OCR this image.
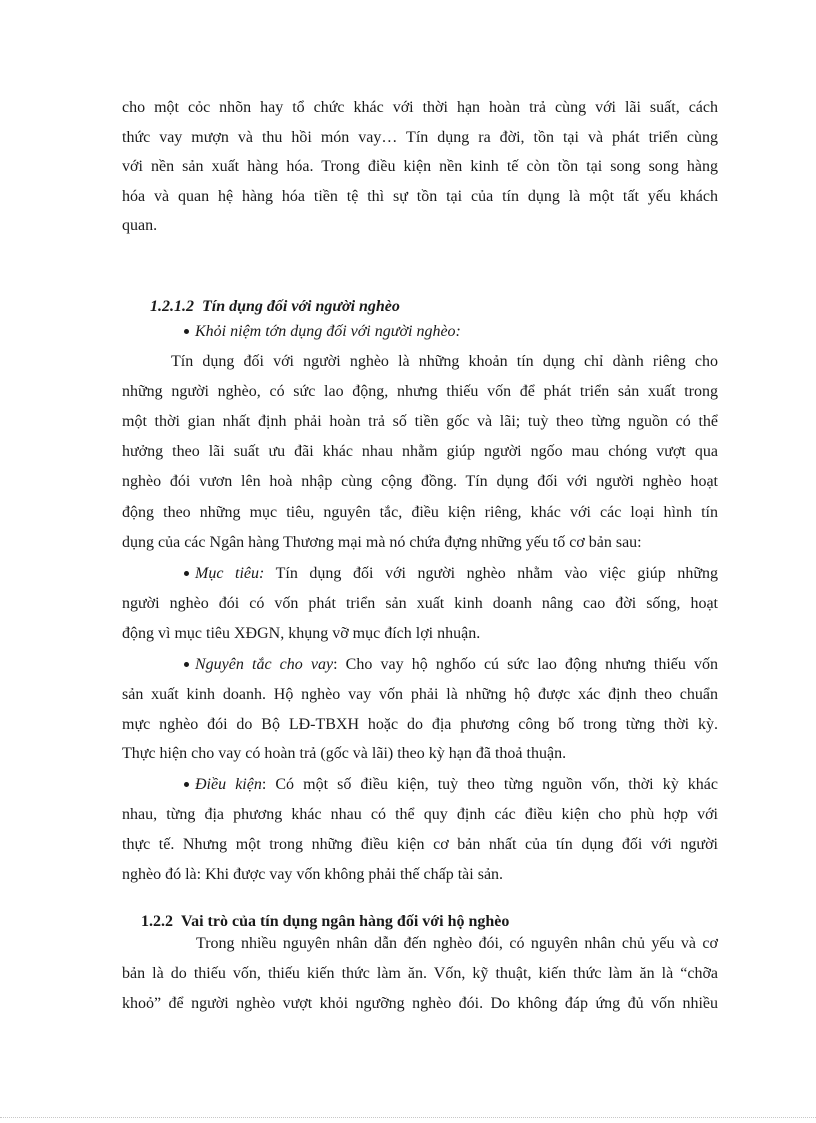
cho một cỏc nhõn hay tổ chức khác với thời hạn hoàn trả cùng với lãi suất, cách
thức vay mượn và thu hồi món vay… Tín dụng ra đời, tồn tại và phát triển cùng
với nền sản xuất hàng hóa. Trong điều kiện nền kinh tế còn tồn tại song song hàng
hóa và quan hệ hàng hóa tiền tệ thì sự tồn tại của tín dụng là một tất yếu khách
quan.
1.2.1.2 Tín dụng đối với người nghèo
Khỏi niệm tớn dụng đối với người nghèo:
Tín dụng đối với người nghèo là những khoản tín dụng chỉ dành riêng cho
những người nghèo, có sức lao động, nhưng thiếu vốn để phát triển sản xuất trong
một thời gian nhất định phải hoàn trả số tiền gốc và lãi; tuỳ theo từng nguồn có thể
hưởng theo lãi suất ưu đãi khác nhau nhằm giúp người ngốo mau chóng vượt qua
nghèo đói vươn lên hoà nhập cùng cộng đồng. Tín dụng đối với người nghèo hoạt
động theo những mục tiêu, nguyên tắc, điều kiện riêng, khác với các loại hình tín
dụng của các Ngân hàng Thương mại mà nó chứa đựng những yếu tố cơ bản sau:
Mục tiêu: Tín dụng đối với người nghèo nhằm vào việc giúp những
người nghèo đói có vốn phát triển sản xuất kinh doanh nâng cao đời sống, hoạt
động vì mục tiêu XĐGN, khụng vỡ mục đích lợi nhuận.
Nguyên tắc cho vay: Cho vay hộ nghốo cú sức lao động nhưng thiếu vốn
sản xuất kinh doanh. Hộ nghèo vay vốn phải là những hộ được xác định theo chuẩn
mực nghèo đói do Bộ LĐ-TBXH hoặc do địa phương công bố trong từng thời kỳ.
Thực hiện cho vay có hoàn trả (gốc và lãi) theo kỳ hạn đã thoả thuận.
Điều kiện: Có một số điều kiện, tuỳ theo từng nguồn vốn, thời kỳ khác
nhau, từng địa phương khác nhau có thể quy định các điều kiện cho phù hợp với
thực tế. Nhưng một trong những điều kiện cơ bản nhất của tín dụng đối với người
nghèo đó là: Khi được vay vốn không phải thế chấp tài sản.
1.2.2 Vai trò của tín dụng ngân hàng đối với hộ nghèo
Trong nhiều nguyên nhân dẫn đến nghèo đói, có nguyên nhân chủ yếu và cơ
bản là do thiếu vốn, thiếu kiến thức làm ăn. Vốn, kỹ thuật, kiến thức làm ăn là “chỡa
khoỏ” để người nghèo vượt khỏi ngưỡng nghèo đói. Do không đáp ứng đủ vốn nhiều
